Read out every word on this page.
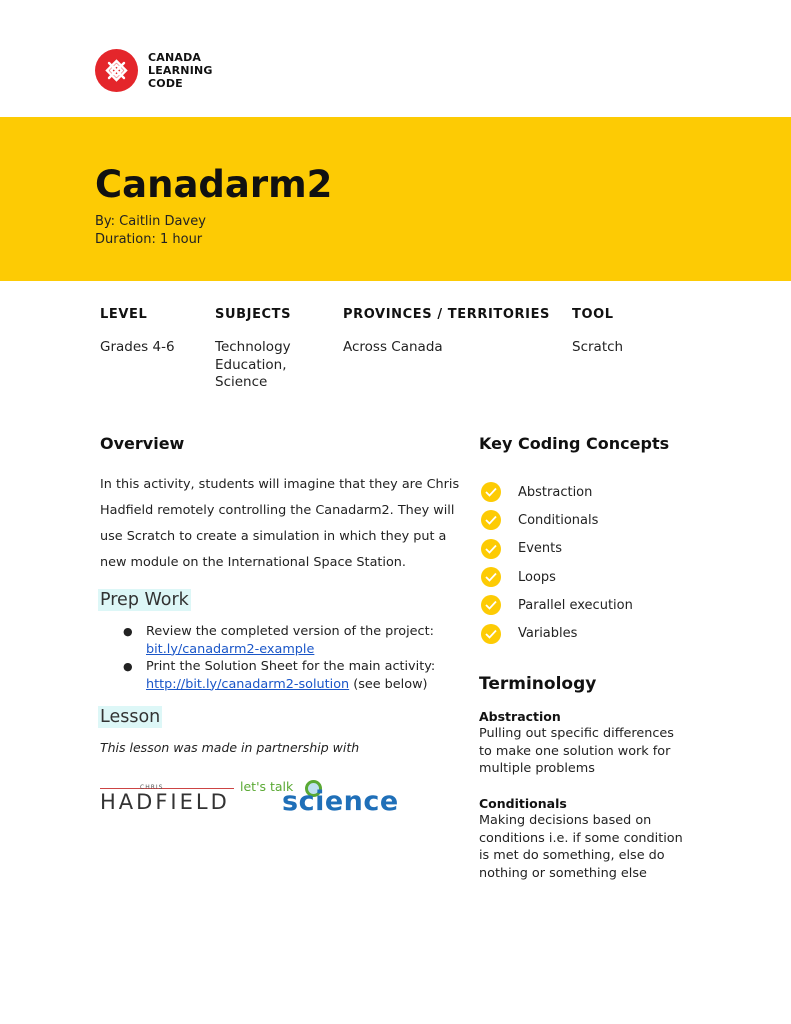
CANADA
LEARNING
CODE
Canadarm2
By: Caitlin Davey
Duration: 1 hour
LEVEL
Grades 4-6
SUBJECTS
Technology
Education,
Science
PROVINCES / TERRITORIES
Across Canada
TOOL
Scratch
Overview
In this activity, students will imagine that they are Chris
Hadfield remotely controlling the Canadarm2. They will
use Scratch to create a simulation in which they put a
new module on the International Space Station.
Prep Work
● Review the completed version of the project:
bit.ly/canadarm2-example
● Print the Solution Sheet for the main activity:
http://bit.ly/canadarm2-solution (see below)
Lesson
This lesson was made in partnership with
CHRIS
HADFIELD
let's talk
science
Key Coding Concepts
Abstraction
Conditionals
Events
Loops
Parallel execution
Variables
Terminology
Abstraction
Pulling out specific differences
to make one solution work for
multiple problems
Conditionals
Making decisions based on
conditions i.e. if some condition
is met do something, else do
nothing or something else
